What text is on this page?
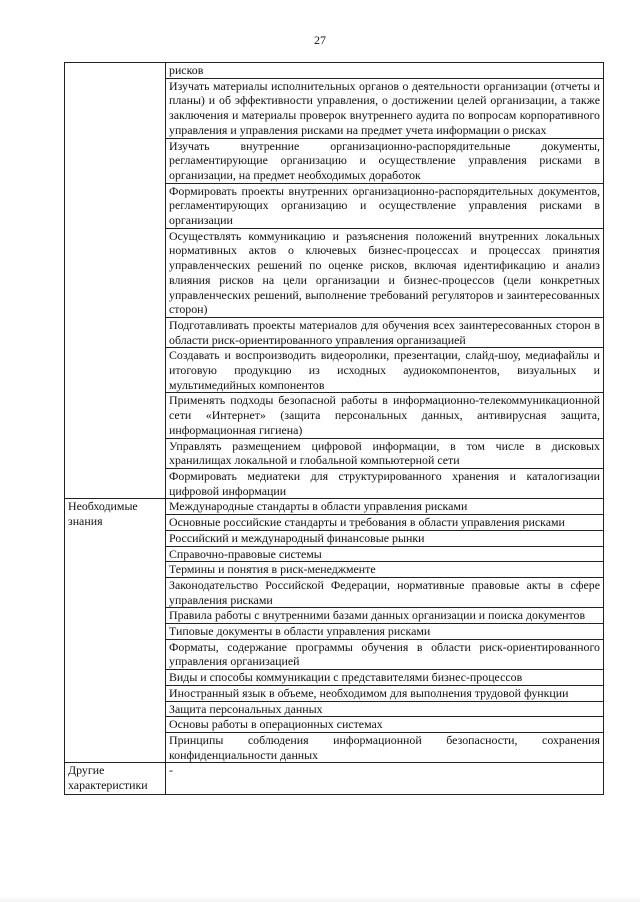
27
	рисков
	Изучать материалы исполнительных органов о деятельности организации (отчеты и планы) и об эффективности управления, о достижении целей организации, а также заключения и материалы проверок внутреннего аудита по вопросам корпоративного управления и управления рисками на предмет учета информации о рисках
	Изучать внутренние организационно-распорядительные документы, регламентирующие организацию и осуществление управления рисками в организации, на предмет необходимых доработок
	Формировать проекты внутренних организационно-распорядительных документов, регламентирующих организацию и осуществление управления рисками в организации
	Осуществлять коммуникацию и разъяснения положений внутренних локальных нормативных актов о ключевых бизнес-процессах и процессах принятия управленческих решений по оценке рисков, включая идентификацию и анализ влияния рисков на цели организации и бизнес-процессов (цели конкретных управленческих решений, выполнение требований регуляторов и заинтересованных сторон)
	Подготавливать проекты материалов для обучения всех заинтересованных сторон в области риск-ориентированного управления организацией
	Создавать и воспроизводить видеоролики, презентации, слайд-шоу, медиафайлы и итоговую продукцию из исходных аудиокомпонентов, визуальных и мультимедийных компонентов
	Применять подходы безопасной работы в информационно-телекоммуникационной сети «Интернет» (защита персональных данных, антивирусная защита, информационная гигиена)
	Управлять размещением цифровой информации, в том числе в дисковых хранилищах локальной и глобальной компьютерной сети
	Формировать медиатеки для структурированного хранения и каталогизации цифровой информации
Необходимые знания	Международные стандарты в области управления рисками
	Основные российские стандарты и требования в области управления рисками
	Российский и международный финансовые рынки
	Справочно-правовые системы
	Термины и понятия в риск-менеджменте
	Законодательство Российской Федерации, нормативные правовые акты в сфере управления рисками
	Правила работы с внутренними базами данных организации и поиска документов
	Типовые документы в области управления рисками
	Форматы, содержание программы обучения в области риск-ориентированного управления организацией
	Виды и способы коммуникации с представителями бизнес-процессов
	Иностранный язык в объеме, необходимом для выполнения трудовой функции
	Защита персональных данных
	Основы работы в операционных системах
	Принципы соблюдения информационной безопасности, сохранения конфиденциальности данных
Другие характеристики	-
